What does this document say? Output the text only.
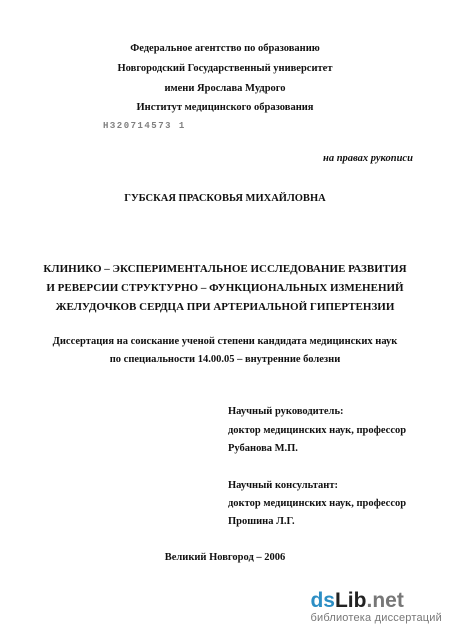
Федеральное агентство по образованию
Новгородский Государственный университет
имени Ярослава Мудрого
Институт медицинского образования
НЗ20714573 1
на правах рукописи
ГУБСКАЯ ПРАСКОВЬЯ МИХАЙЛОВНА
КЛИНИКО – ЭКСПЕРИМЕНТАЛЬНОЕ ИССЛЕДОВАНИЕ РАЗВИТИЯ
И РЕВЕРСИИ СТРУКТУРНО – ФУНКЦИОНАЛЬНЫХ ИЗМЕНЕНИЙ
ЖЕЛУДОЧКОВ СЕРДЦА ПРИ АРТЕРИАЛЬНОЙ ГИПЕРТЕНЗИИ
Диссертация на соискание ученой степени кандидата медицинских наук
по специальности 14.00.05 – внутренние болезни
Научный руководитель:
доктор медицинских наук, профессор
Рубанова М.П.
Научный консультант:
доктор медицинских наук, профессор
Прошина Л.Г.
Великий Новгород – 2006
dsLib.net
библиотека диссертаций
